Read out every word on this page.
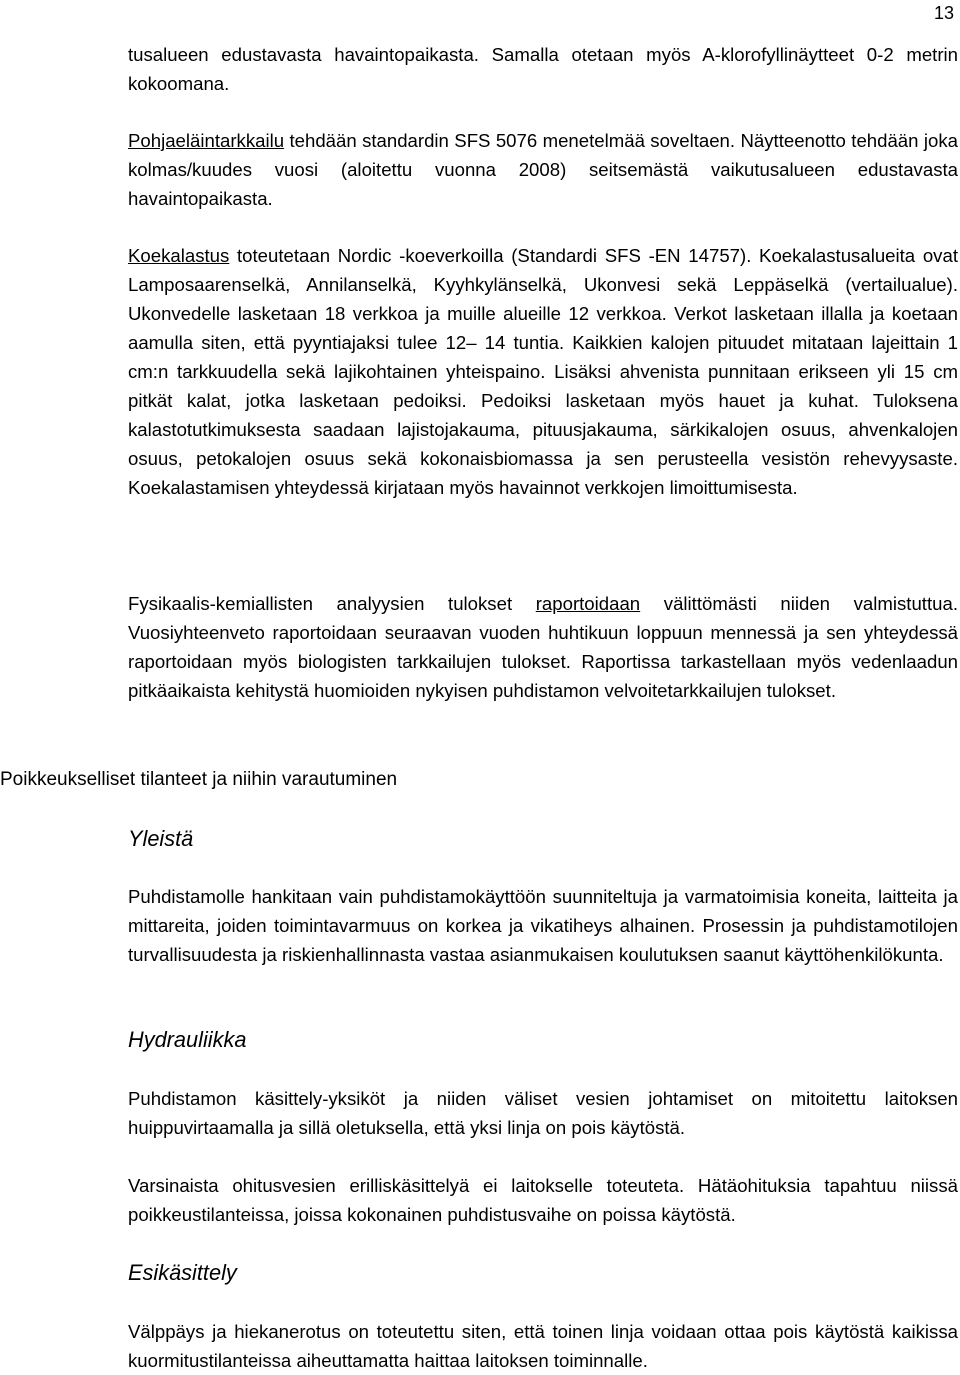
13

tusalueen edustavasta havaintopaikasta. Samalla otetaan myös A-klorofyllinäytteet 0-2 metrin kokoomana.

Pohjaeläintarkkailu tehdään standardin SFS 5076 menetelmää soveltaen. Näytteenotto tehdään joka kolmas/kuudes vuosi (aloitettu vuonna 2008) seitsemästä vaikutusalueen edustavasta havaintopaikasta.

Koekalastus toteutetaan Nordic -koeverkoilla (Standardi SFS -EN 14757). Koekalastusalueita ovat Lamposaarenselkä, Annilanselkä, Kyyhkylänselkä, Ukonvesi sekä Leppäselkä (vertailualue). Ukonvedelle lasketaan 18 verkkoa ja muille alueille 12 verkkoa. Verkot lasketaan illalla ja koetaan aamulla siten, että pyyntiajaksi tulee 12– 14 tuntia. Kaikkien kalojen pituudet mitataan lajeittain 1 cm:n tarkkuudella sekä lajikohtainen yhteispaino. Lisäksi ahvenista punnitaan erikseen yli 15 cm pitkät kalat, jotka lasketaan pedoiksi. Pedoiksi lasketaan myös hauet ja kuhat. Tuloksena kalastotutkimuksesta saadaan lajistojakauma, pituusjakauma, särkikalojen osuus, ahvenkalojen osuus, petokalojen osuus sekä kokonaisbiomassa ja sen perusteella vesistön rehevyysaste. Koekalastamisen yhteydessä kirjataan myös havainnot verkkojen limoittumisesta.

Fysikaalis-kemiallisten analyysien tulokset raportoidaan välittömästi niiden valmistuttua. Vuosiyhteenveto raportoidaan seuraavan vuoden huhtikuun loppuun mennessä ja sen yhteydessä raportoidaan myös biologisten tarkkailujen tulokset. Raportissa tarkastellaan myös vedenlaadun pitkäaikaista kehitystä huomioiden nykyisen puhdistamon velvoitetarkkailujen tulokset.

Poikkeukselliset tilanteet ja niihin varautuminen
Yleistä

Puhdistamolle hankitaan vain puhdistamokäyttöön suunniteltuja ja varmatoimisia koneita, laitteita ja mittareita, joiden toimintavarmuus on korkea ja vikatiheys alhainen. Prosessin ja puhdistamotilojen turvallisuudesta ja riskienhallinnasta vastaa asianmukaisen koulutuksen saanut käyttöhenkilökunta.

Hydrauliikka

Puhdistamon käsittely-yksiköt ja niiden väliset vesien johtamiset on mitoitettu laitoksen huippuvirtaamalla ja sillä oletuksella, että yksi linja on pois käytöstä.

Varsinaista ohitusvesien erilliskäsittelyä ei laitokselle toteuteta. Hätäohituksia tapahtuu niissä poikkeustilanteissa, joissa kokonainen puhdistusvaihe on poissa käytöstä.

Esikäsittely

Välppäys ja hiekanerotus on toteutettu siten, että toinen linja voidaan ottaa pois käytöstä kaikissa kuormitustilanteissa aiheuttamatta haittaa laitoksen toiminnalle.
